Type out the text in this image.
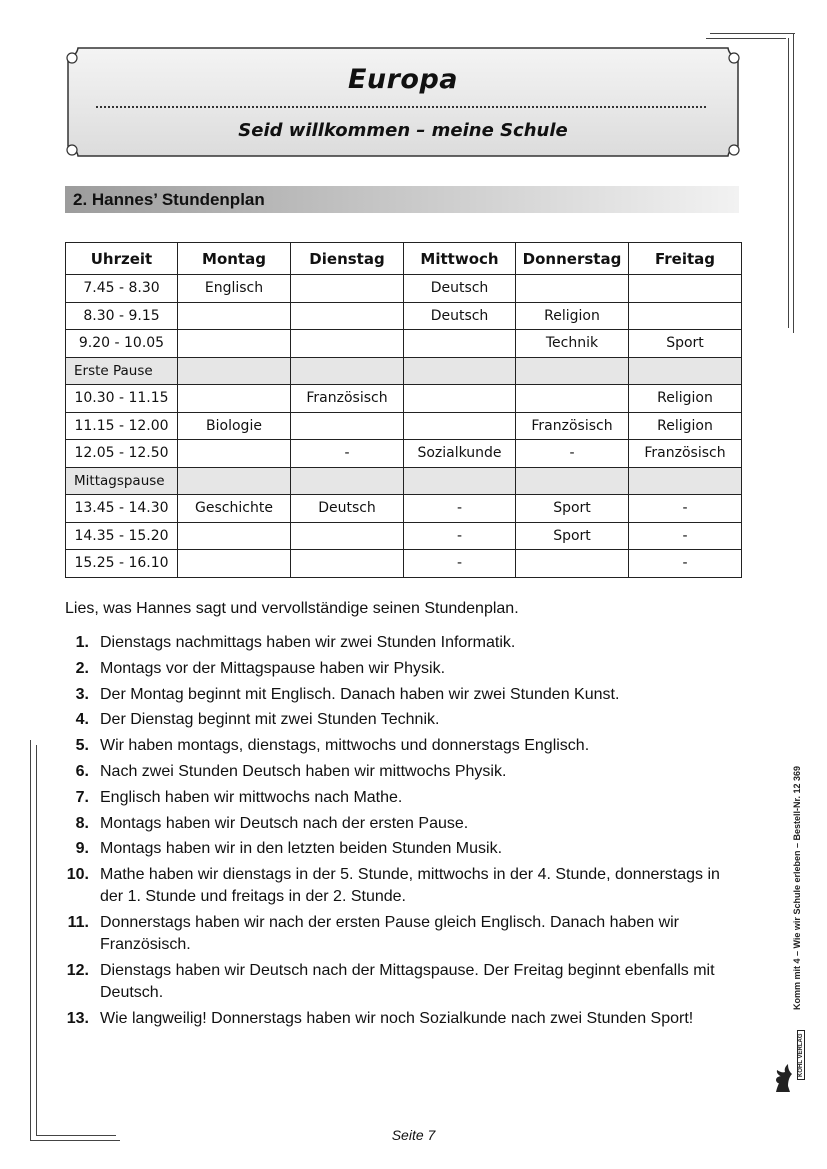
Europa
Seid willkommen – meine Schule
2. Hannes’ Stundenplan
Uhrzeit	Montag	Dienstag	Mittwoch	Donnerstag	Freitag
7.45 - 8.30	Englisch		Deutsch		
8.30 - 9.15			Deutsch	Religion	
9.20 - 10.05				Technik	Sport
Erste Pause					
10.30 - 11.15		Französisch			Religion
11.15 - 12.00	Biologie			Französisch	Religion
12.05 - 12.50		-	Sozialkunde	-	Französisch
Mittagspause					
13.45 - 14.30	Geschichte	Deutsch	-	Sport	-
14.35 - 15.20			-	Sport	-
15.25 - 16.10			-		-
Lies, was Hannes sagt und vervollständige seinen Stundenplan.
1. Dienstags nachmittags haben wir zwei Stunden Informatik.
2. Montags vor der Mittagspause haben wir Physik.
3. Der Montag beginnt mit Englisch. Danach haben wir zwei Stunden Kunst.
4. Der Dienstag beginnt mit zwei Stunden Technik.
5. Wir haben montags, dienstags, mittwochs und donnerstags Englisch.
6. Nach zwei Stunden Deutsch haben wir mittwochs Physik.
7. Englisch haben wir mittwochs nach Mathe.
8. Montags haben wir Deutsch nach der ersten Pause.
9. Montags haben wir in den letzten beiden Stunden Musik.
10. Mathe haben wir dienstags in der 5. Stunde, mittwochs in der 4. Stunde, donnerstags in der 1. Stunde und freitags in der 2. Stunde.
11. Donnerstags haben wir nach der ersten Pause gleich Englisch. Danach haben wir Französisch.
12. Dienstags haben wir Deutsch nach der Mittagspause. Der Freitag beginnt ebenfalls mit Deutsch.
13. Wie langweilig! Donnerstags haben wir noch Sozialkunde nach zwei Stunden Sport!
Komm mit 4 – Wie wir Schule erleben – Bestell-Nr. 12 369
KOHL VERLAG
Seite 7
